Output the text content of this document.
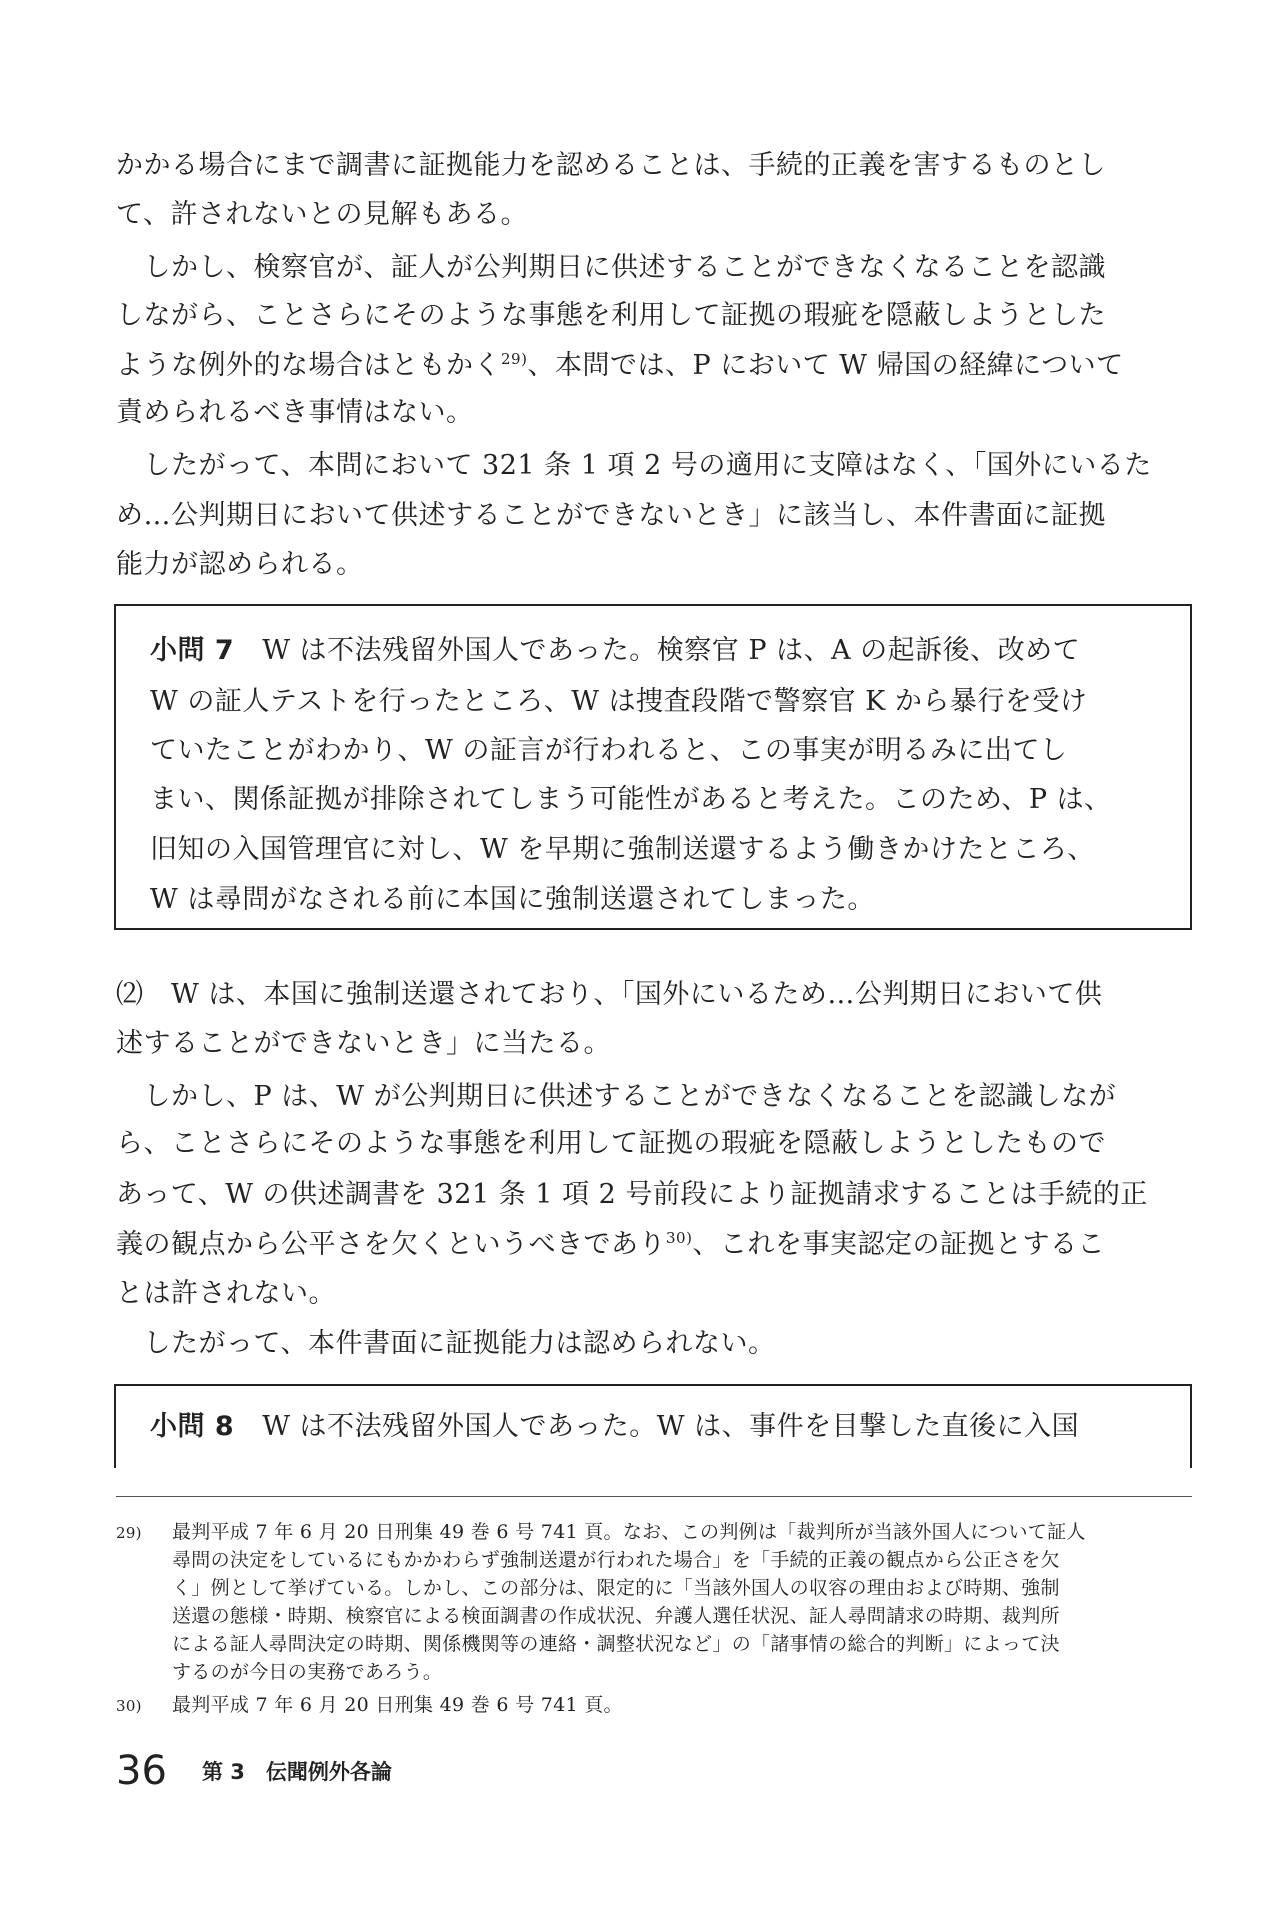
かかる場合にまで調書に証拠能力を認めることは、手続的正義を害するものとし
て、許されないとの見解もある。
　しかし、検察官が、証人が公判期日に供述することができなくなることを認識
しながら、ことさらにそのような事態を利用して証拠の瑕疵を隠蔽しようとした
ような例外的な場合はともかく$^{29)}$、本問では、P において W 帰国の経緯について
責められるべき事情はない。
　したがって、本問において 321 条 1 項 2 号の適用に支障はなく、「国外にいるた
め…公判期日において供述することができないとき」に該当し、本件書面に証拠
能力が認められる。
小問 7 W は不法残留外国人であった。検察官 P は、A の起訴後、改めて
W の証人テストを行ったところ、W は捜査段階で警察官 K から暴行を受け
ていたことがわかり、W の証言が行われると、この事実が明るみに出てし
まい、関係証拠が排除されてしまう可能性があると考えた。このため、P は、
旧知の入国管理官に対し、W を早期に強制送還するよう働きかけたところ、
W は尋問がなされる前に本国に強制送還されてしまった。
⑵　W は、本国に強制送還されており、「国外にいるため…公判期日において供
述することができないとき」に当たる。
　しかし、P は、W が公判期日に供述することができなくなることを認識しなが
ら、ことさらにそのような事態を利用して証拠の瑕疵を隠蔽しようとしたもので
あって、W の供述調書を 321 条 1 項 2 号前段により証拠請求することは手続的正
義の観点から公平さを欠くというべきであり$^{30)}$、これを事実認定の証拠とするこ
とは許されない。
　したがって、本件書面に証拠能力は認められない。
小問 8 W は不法残留外国人であった。W は、事件を目撃した直後に入国
29) 最判平成 7 年 6 月 20 日刑集 49 巻 6 号 741 頁。なお、この判例は「裁判所が当該外国人について証人
尋問の決定をしているにもかかわらず強制送還が行われた場合」を「手続的正義の観点から公正さを欠
く」例として挙げている。しかし、この部分は、限定的に「当該外国人の収容の理由および時期、強制
送還の態様・時期、検察官による検面調書の作成状況、弁護人選任状況、証人尋問請求の時期、裁判所
による証人尋問決定の時期、関係機関等の連絡・調整状況など」の「諸事情の総合的判断」によって決
するのが今日の実務であろう。
30) 最判平成 7 年 6 月 20 日刑集 49 巻 6 号 741 頁。
36 第 3　伝聞例外各論
